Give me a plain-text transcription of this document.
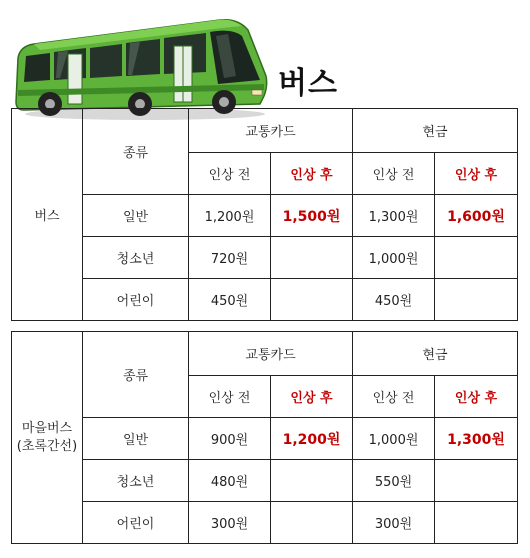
버스
버스	종류	교통카드		현금	
		인상 전	인상 후	인상 전	인상 후
	일반	1,200원	1,500원	1,300원	1,600원
	청소년	720원		1,000원	
	어린이	450원		450원	
마을버스
(초록간선)	종류	교통카드		현금	
		인상 전	인상 후	인상 전	인상 후
	일반	900원	1,200원	1,000원	1,300원
	청소년	480원		550원	
	어린이	300원		300원	
